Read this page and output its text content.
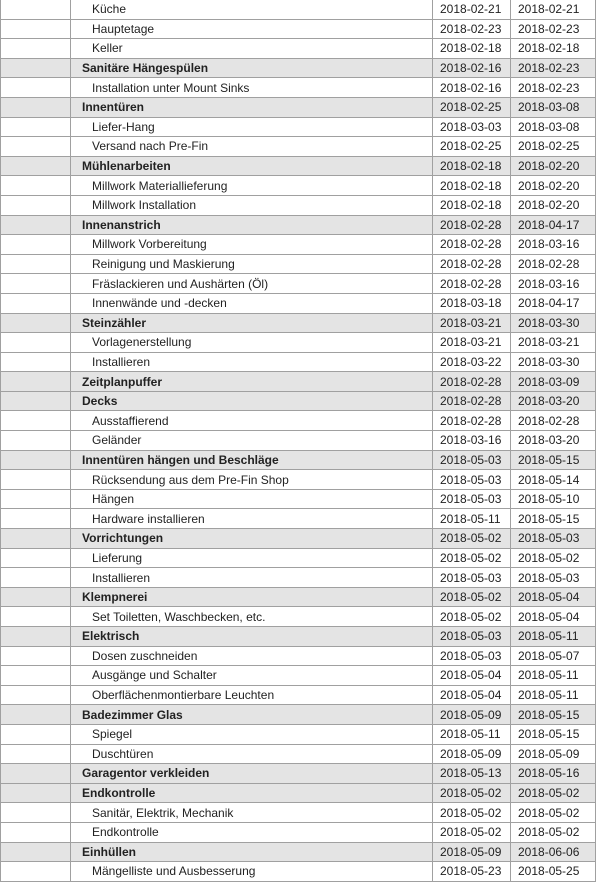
	Küche	2018-02-21	2018-02-21
	Hauptetage	2018-02-23	2018-02-23
	Keller	2018-02-18	2018-02-18
	Sanitäre Hängespülen	2018-02-16	2018-02-23
	Installation unter Mount Sinks	2018-02-16	2018-02-23
	Innentüren	2018-02-25	2018-03-08
	Liefer-Hang	2018-03-03	2018-03-08
	Versand nach Pre-Fin	2018-02-25	2018-02-25
	Mühlenarbeiten	2018-02-18	2018-02-20
	Millwork Materiallieferung	2018-02-18	2018-02-20
	Millwork Installation	2018-02-18	2018-02-20
	Innenanstrich	2018-02-28	2018-04-17
	Millwork Vorbereitung	2018-02-28	2018-03-16
	Reinigung und Maskierung	2018-02-28	2018-02-28
	Fräslackieren und Aushärten (Öl)	2018-02-28	2018-03-16
	Innenwände und -decken	2018-03-18	2018-04-17
	Steinzähler	2018-03-21	2018-03-30
	Vorlagenerstellung	2018-03-21	2018-03-21
	Installieren	2018-03-22	2018-03-30
	Zeitplanpuffer	2018-02-28	2018-03-09
	Decks	2018-02-28	2018-03-20
	Ausstaffierend	2018-02-28	2018-02-28
	Geländer	2018-03-16	2018-03-20
	Innentüren hängen und Beschläge	2018-05-03	2018-05-15
	Rücksendung aus dem Pre-Fin Shop	2018-05-03	2018-05-14
	Hängen	2018-05-03	2018-05-10
	Hardware installieren	2018-05-11	2018-05-15
	Vorrichtungen	2018-05-02	2018-05-03
	Lieferung	2018-05-02	2018-05-02
	Installieren	2018-05-03	2018-05-03
	Klempnerei	2018-05-02	2018-05-04
	Set Toiletten, Waschbecken, etc.	2018-05-02	2018-05-04
	Elektrisch	2018-05-03	2018-05-11
	Dosen zuschneiden	2018-05-03	2018-05-07
	Ausgänge und Schalter	2018-05-04	2018-05-11
	Oberflächenmontierbare Leuchten	2018-05-04	2018-05-11
	Badezimmer Glas	2018-05-09	2018-05-15
	Spiegel	2018-05-11	2018-05-15
	Duschtüren	2018-05-09	2018-05-09
	Garagentor verkleiden	2018-05-13	2018-05-16
	Endkontrolle	2018-05-02	2018-05-02
	Sanitär, Elektrik, Mechanik	2018-05-02	2018-05-02
	Endkontrolle	2018-05-02	2018-05-02
	Einhüllen	2018-05-09	2018-06-06
	Mängelliste und Ausbesserung	2018-05-23	2018-05-25
